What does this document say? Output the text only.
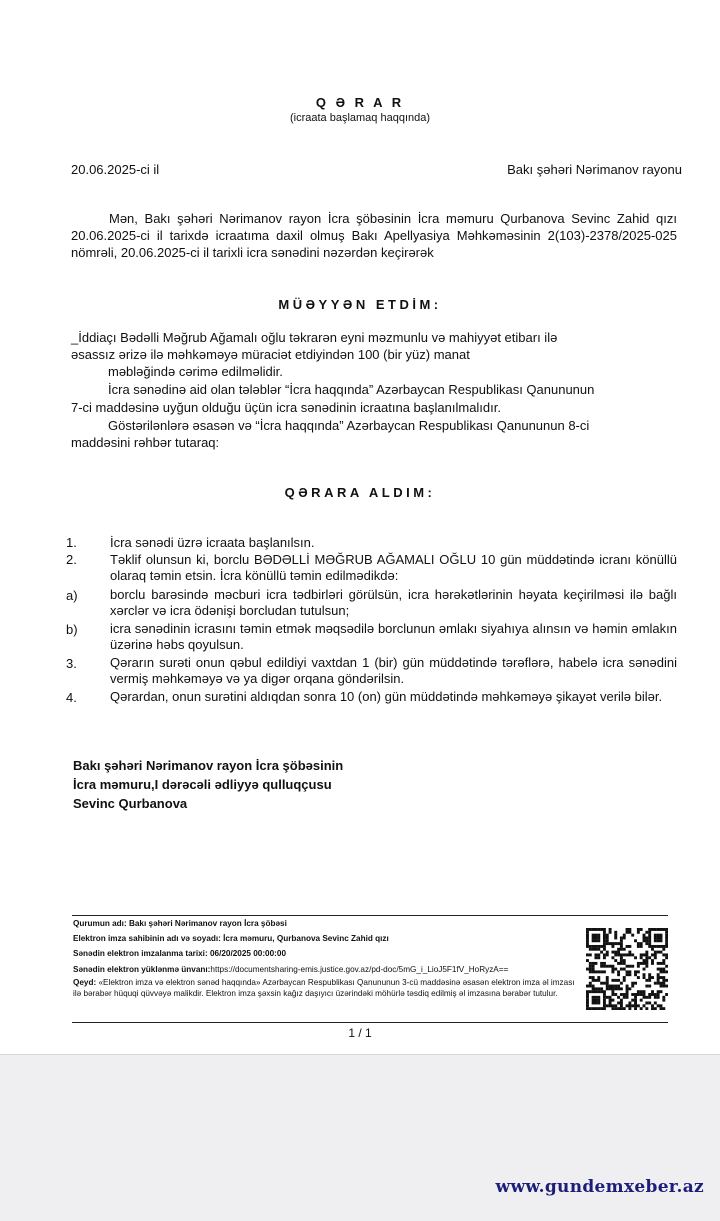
Q Ə R A R
(icraata başlamaq haqqında)
20.06.2025-ci il	Bakı şəhəri Nərimanov rayonu
Mən, Bakı şəhəri Nərimanov rayon İcra şöbəsinin İcra məmuru Qurbanova Sevinc Zahid qızı 20.06.2025-ci il tarixdə icraatıma daxil olmuş Bakı Apellyasiya Məhkəməsinin 2(103)-2378/2025-025 nömrəli, 20.06.2025-ci il tarixli icra sənədini nəzərdən keçirərək
MÜƏYYƏN ETDİM:
_İddiaçı Bədəlli Məğrub Ağamalı oğlu təkrarən eyni məzmunlu və mahiyyət etibarı ilə
əsassız ərizə ilə məhkəməyə müraciət etdiyindən 100 (bir yüz) manat
məbləğində cərimə edilməlidir.
İcra sənədinə aid olan tələblər “İcra haqqında” Azərbaycan Respublikası Qanununun
7-ci maddəsinə uyğun olduğu üçün icra sənədinin icraatına başlanılmalıdır.
Göstərilənlərə əsasən və “İcra haqqında” Azərbaycan Respublikası Qanununun 8-ci
maddəsini rəhbər tutaraq:
QƏRARA ALDIM:
1.	İcra sənədi üzrə icraata başlanılsın.
2.	Təklif olunsun ki, borclu BƏDƏLLİ MƏĞRUB AĞAMALI OĞLU 10 gün müddətində icranı könüllü olaraq təmin etsin. İcra könüllü təmin edilmədikdə:
a) borclu barəsində məcburi icra tədbirləri görülsün, icra hərəkətlərinin həyata keçirilməsi ilə bağlı xərclər və icra ödənişi borcludan tutulsun;
b) icra sənədinin icrasını təmin etmək məqsədilə borclunun əmlakı siyahıya alınsın və həmin əmlakın üzərinə həbs qoyulsun.
3.	Qərarın surəti onun qəbul edildiyi vaxtdan 1 (bir) gün müddətində tərəflərə, habelə icra sənədini vermiş məhkəməyə və ya digər orqana göndərilsin.
4.	Qərardan, onun surətini aldıqdan sonra 10 (on) gün müddətində məhkəməyə şikayət verilə bilər.
Bakı şəhəri Nərimanov rayon İcra şöbəsinin
İcra məmuru,I dərəcəli ədliyyə qulluqçusu
Sevinc Qurbanova
Qurumun adı: Bakı şəhəri Nərimanov rayon İcra şöbəsi
Elektron imza sahibinin adı və soyadı: İcra məmuru, Qurbanova Sevinc Zahid qızı
Sənədin elektron imzalanma tarixi: 06/20/2025 00:00:00
Sənədin elektron yüklənmə ünvanı:https://documentsharing-emis.justice.gov.az/pd-doc/5mG_i_LioJ5F1fV_HoRyzA==
Qeyd: «Elektron imza və elektron sənəd haqqında» Azərbaycan Respublikası Qanununun 3-cü maddəsinə əsasən elektron imza əl imzası ilə bərabər hüquqi qüvvəyə malikdir. Elektron imza şəxsin kağız daşıyıcı üzərindəki möhürlə təsdiq edilmiş əl imzasına bərabər tutulur.
1 / 1
www.gundemxeber.az
